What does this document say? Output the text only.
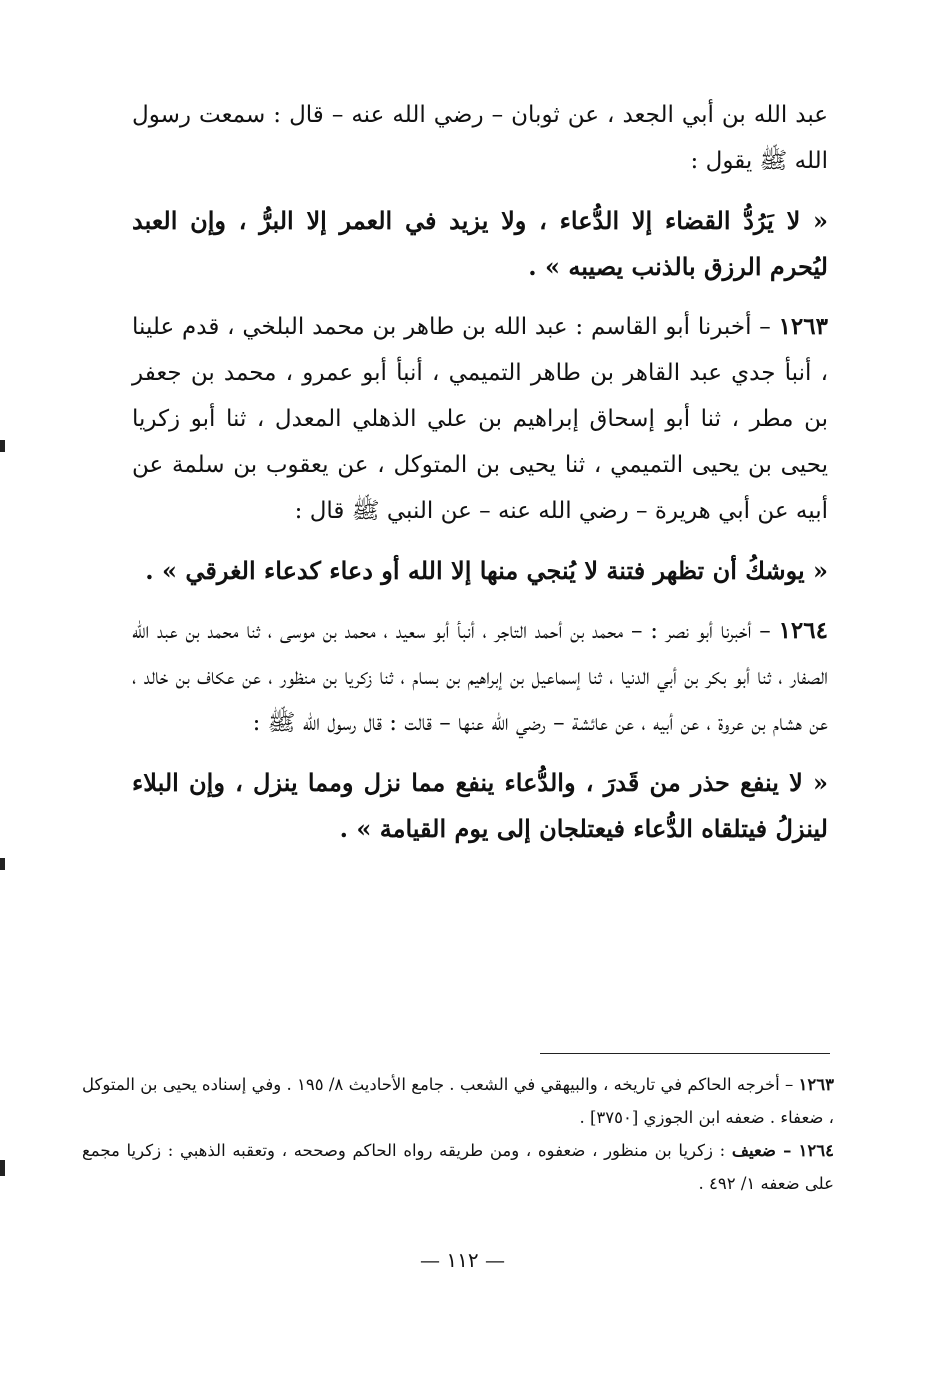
عبد الله بن أبي الجعد ، عن ثوبان – رضي الله عنه – قال : سمعت رسول الله ﷺ يقول :

« لا يَرُدُّ القضاء إلا الدُّعاء ، ولا يزيد في العمر إلا البرُّ ، وإن العبد ليُحرم الرزق بالذنب يصيبه » .

١٢٦٣ – أخبرنا أبو القاسم : عبد الله بن طاهر بن محمد البلخي ، قدم علينا ، أنبأ جدي عبد القاهر بن طاهر التميمي ، أنبأ أبو عمرو ، محمد بن جعفر بن مطر ، ثنا أبو إسحاق إبراهيم بن علي الذهلي المعدل ، ثنا أبو زكريا يحيى بن يحيى التميمي ، ثنا يحيى بن المتوكل ، عن يعقوب بن سلمة عن أبيه عن أبي هريرة – رضي الله عنه – عن النبي ﷺ قال :

« يوشكُ أن تظهر فتنة لا يُنجي منها إلا الله أو دعاء كدعاء الغرقي » .

١٢٦٤ – أخبرنا أبو نصر : – محمد بن أحمد التاجر ، أنبأ أبو سعيد ، محمد بن موسى ، ثنا محمد بن عبد الله الصفار ، ثنا أبو بكر بن أبي الدنيا ، ثنا إسماعيل بن إبراهيم بن بسام ، ثنا زكريا بن منظور ، عن عكاف بن خالد ، عن هشام بن عروة ، عن أبيه ، عن عائشة – رضي الله عنها – قالت : قال رسول الله ﷺ :

« لا ينفع حذر من قَدرَ ، والدُّعاء ينفع مما نزل ومما ينزل ، وإن البلاء لينزلُ فيتلقاه الدُّعاء فيعتلجان إلى يوم القيامة » .

١٢٦٣ – أخرجه الحاكم في تاريخه ، والبيهقي في الشعب . جامع الأحاديث ٨/ ١٩٥ . وفي إسناده يحيى بن المتوكل ، ضعفاء . ضعفه ابن الجوزي [٣٧٥٠] .

١٢٦٤ – ضعيف : زكريا بن منظور ، ضعفوه ، ومن طريقه رواه الحاكم وصححه ، وتعقبه الذهبي : زكريا مجمع على ضعفه ١/ ٤٩٢ .

— ١١٢ —
